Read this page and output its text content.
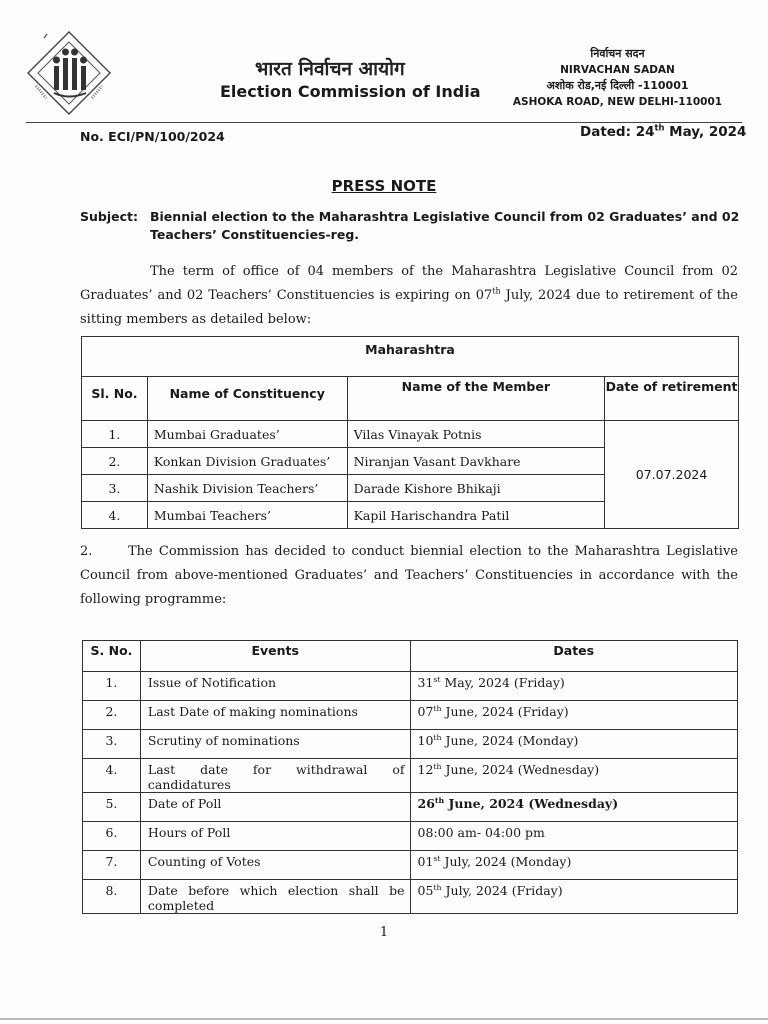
भारत निर्वाचन आयोग
Election Commission of India
निर्वाचन सदन
NIRVACHAN SADAN
अशोक रोड,नई दिल्ली -110001
ASHOKA ROAD, NEW DELHI-110001
No. ECI/PN/100/2024	Dated: 24th May, 2024
PRESS NOTE
Subject: Biennial election to the Maharashtra Legislative Council from 02 Graduates’ and 02 Teachers’ Constituencies-reg.
The term of office of 04 members of the Maharashtra Legislative Council from 02 Graduates’ and 02 Teachers’ Constituencies is expiring on 07th July, 2024 due to retirement of the sitting members as detailed below:
Maharashtra			
Sl. No.	Name of Constituency	Name of the Member	Date of retirement
1.	Mumbai Graduates’	Vilas Vinayak Potnis	07.07.2024
2.	Konkan Division Graduates’	Niranjan Vasant Davkhare	
3.	Nashik Division Teachers’	Darade Kishore Bhikaji	
4.	Mumbai Teachers’	Kapil Harischandra Patil	
2.	The Commission has decided to conduct biennial election to the Maharashtra Legislative Council from above-mentioned Graduates’ and Teachers’ Constituencies in accordance with the following programme:
S. No.	Events	Dates
1.	Issue of Notification	31st May, 2024 (Friday)
2.	Last Date of making nominations	07th June, 2024 (Friday)
3.	Scrutiny of nominations	10th June, 2024 (Monday)
4.	Last date for withdrawal of candidatures	12th June, 2024 (Wednesday)
5.	Date of Poll	26th June, 2024 (Wednesday)
6.	Hours of Poll	08:00 am- 04:00 pm
7.	Counting of Votes	01st July, 2024 (Monday)
8.	Date before which election shall be completed	05th July, 2024 (Friday)
1
